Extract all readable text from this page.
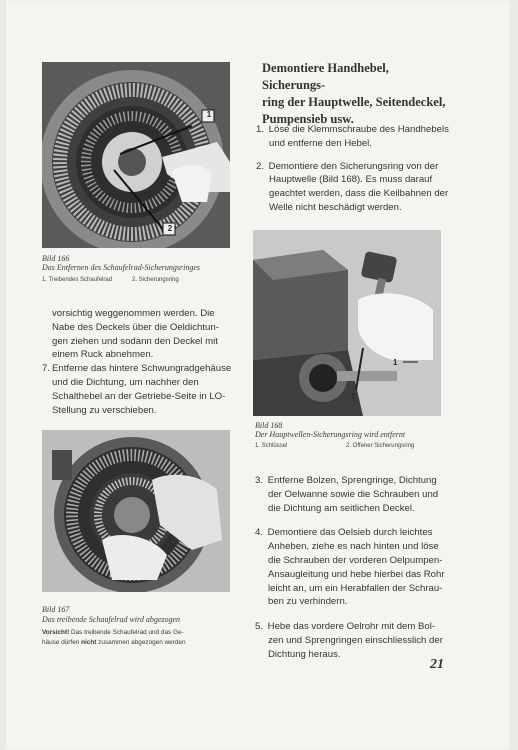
1
2
Bild 166
Das Entfernen des Schaufelrad-Sicherungsringes
1. Treibendes Schaufelrad	2. Sicherungsring
Demontiere Handhebel, Sicherungs-
ring der Hauptwelle, Seitendeckel,
Pumpensieb usw.

1. Löse die Klemmschraube des Handhebels

und entferne den Hebel.

2. Demontiere den Sicherungsring von der

Hauptwelle (Bild 168). Es muss darauf

geachtet werden, dass die Keilbahnen der

Welle nicht beschädigt werden.

1
2
Bild 168
Der Hauptwellen-Sicherungsring wird entfernt
1. Schlüssel	2. Offener Sicherungsring

vorsichtig weggenommen werden. Die

Nabe des Deckels über die Oeldichtun-

gen ziehen und sodann den Deckel mit

einem Ruck abnehmen.

7. Entferne das hintere Schwungradgehäuse

und die Dichtung, um nachher den

Schalthebel an der Getriebe-Seite in LO-

Stellung zu verschieben.

Bild 167
Das treibende Schaufelrad wird abgezogen

Vorsicht! Das treibende Schaufelrad und das Ge-

häuse dürfen nicht zusammen abgezogen werden

3. Entferne Bolzen, Sprengringe, Dichtung

der Oelwanne sowie die Schrauben und

die Dichtung am seitlichen Deckel.

4. Demontiere das Oelsieb durch leichtes

Anheben, ziehe es nach hinten und löse

die Schrauben der vorderen Oelpumpen-

Ansaugleitung und hebe hierbei das Rohr

leicht an, um ein Herabfallen der Schrau-

ben zu verhindern.

5. Hebe das vordere Oelrohr mit dem Bol-

zen und Sprengringen einschliesslich der

Dichtung heraus.

21
